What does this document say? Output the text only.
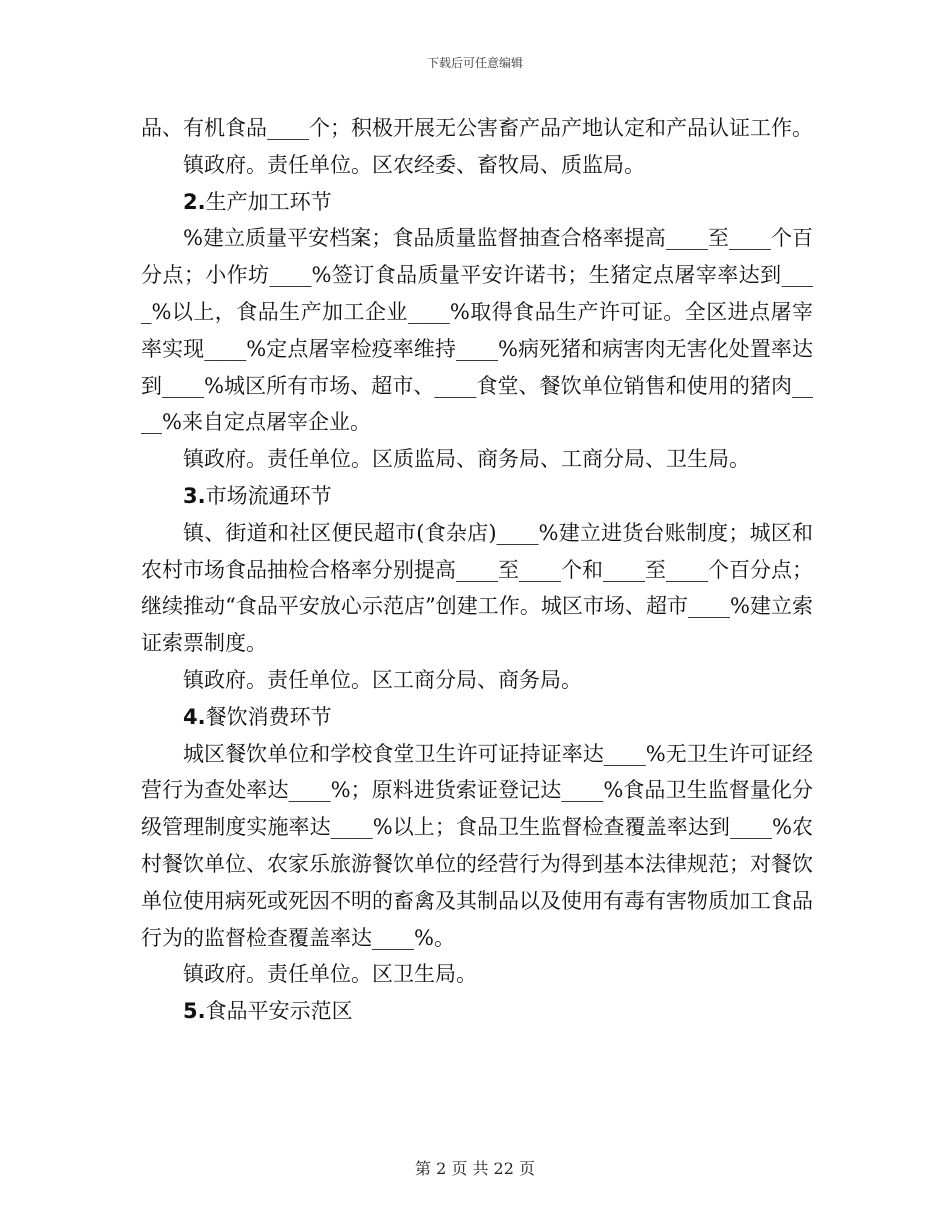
下载后可任意编辑

品、有机食品____个；积极开展无公害畜产品产地认定和产品认证工作。

镇政府。责任单位。区农经委、畜牧局、质监局。

2.生产加工环节

%建立质量平安档案；食品质量监督抽查合格率提高____至____个百分点；小作坊____%签订食品质量平安许诺书；生猪定点屠宰率达到____%以上，食品生产加工企业____%取得食品生产许可证。全区进点屠宰率实现____%定点屠宰检疫率维持____%病死猪和病害肉无害化处置率达到____%城区所有市场、超市、____食堂、餐饮单位销售和使用的猪肉____%来自定点屠宰企业。

镇政府。责任单位。区质监局、商务局、工商分局、卫生局。

3.市场流通环节

镇、街道和社区便民超市(食杂店)____%建立进货台账制度；城区和农村市场食品抽检合格率分别提高____至____个和____至____个百分点；继续推动“食品平安放心示范店”创建工作。城区市场、超市____%建立索证索票制度。

镇政府。责任单位。区工商分局、商务局。

4.餐饮消费环节

城区餐饮单位和学校食堂卫生许可证持证率达____%无卫生许可证经营行为查处率达____%；原料进货索证登记达____%食品卫生监督量化分级管理制度实施率达____%以上；食品卫生监督检查覆盖率达到____%农村餐饮单位、农家乐旅游餐饮单位的经营行为得到基本法律规范；对餐饮单位使用病死或死因不明的畜禽及其制品以及使用有毒有害物质加工食品行为的监督检查覆盖率达____%。

镇政府。责任单位。区卫生局。

5.食品平安示范区

第 2 页 共 22 页
